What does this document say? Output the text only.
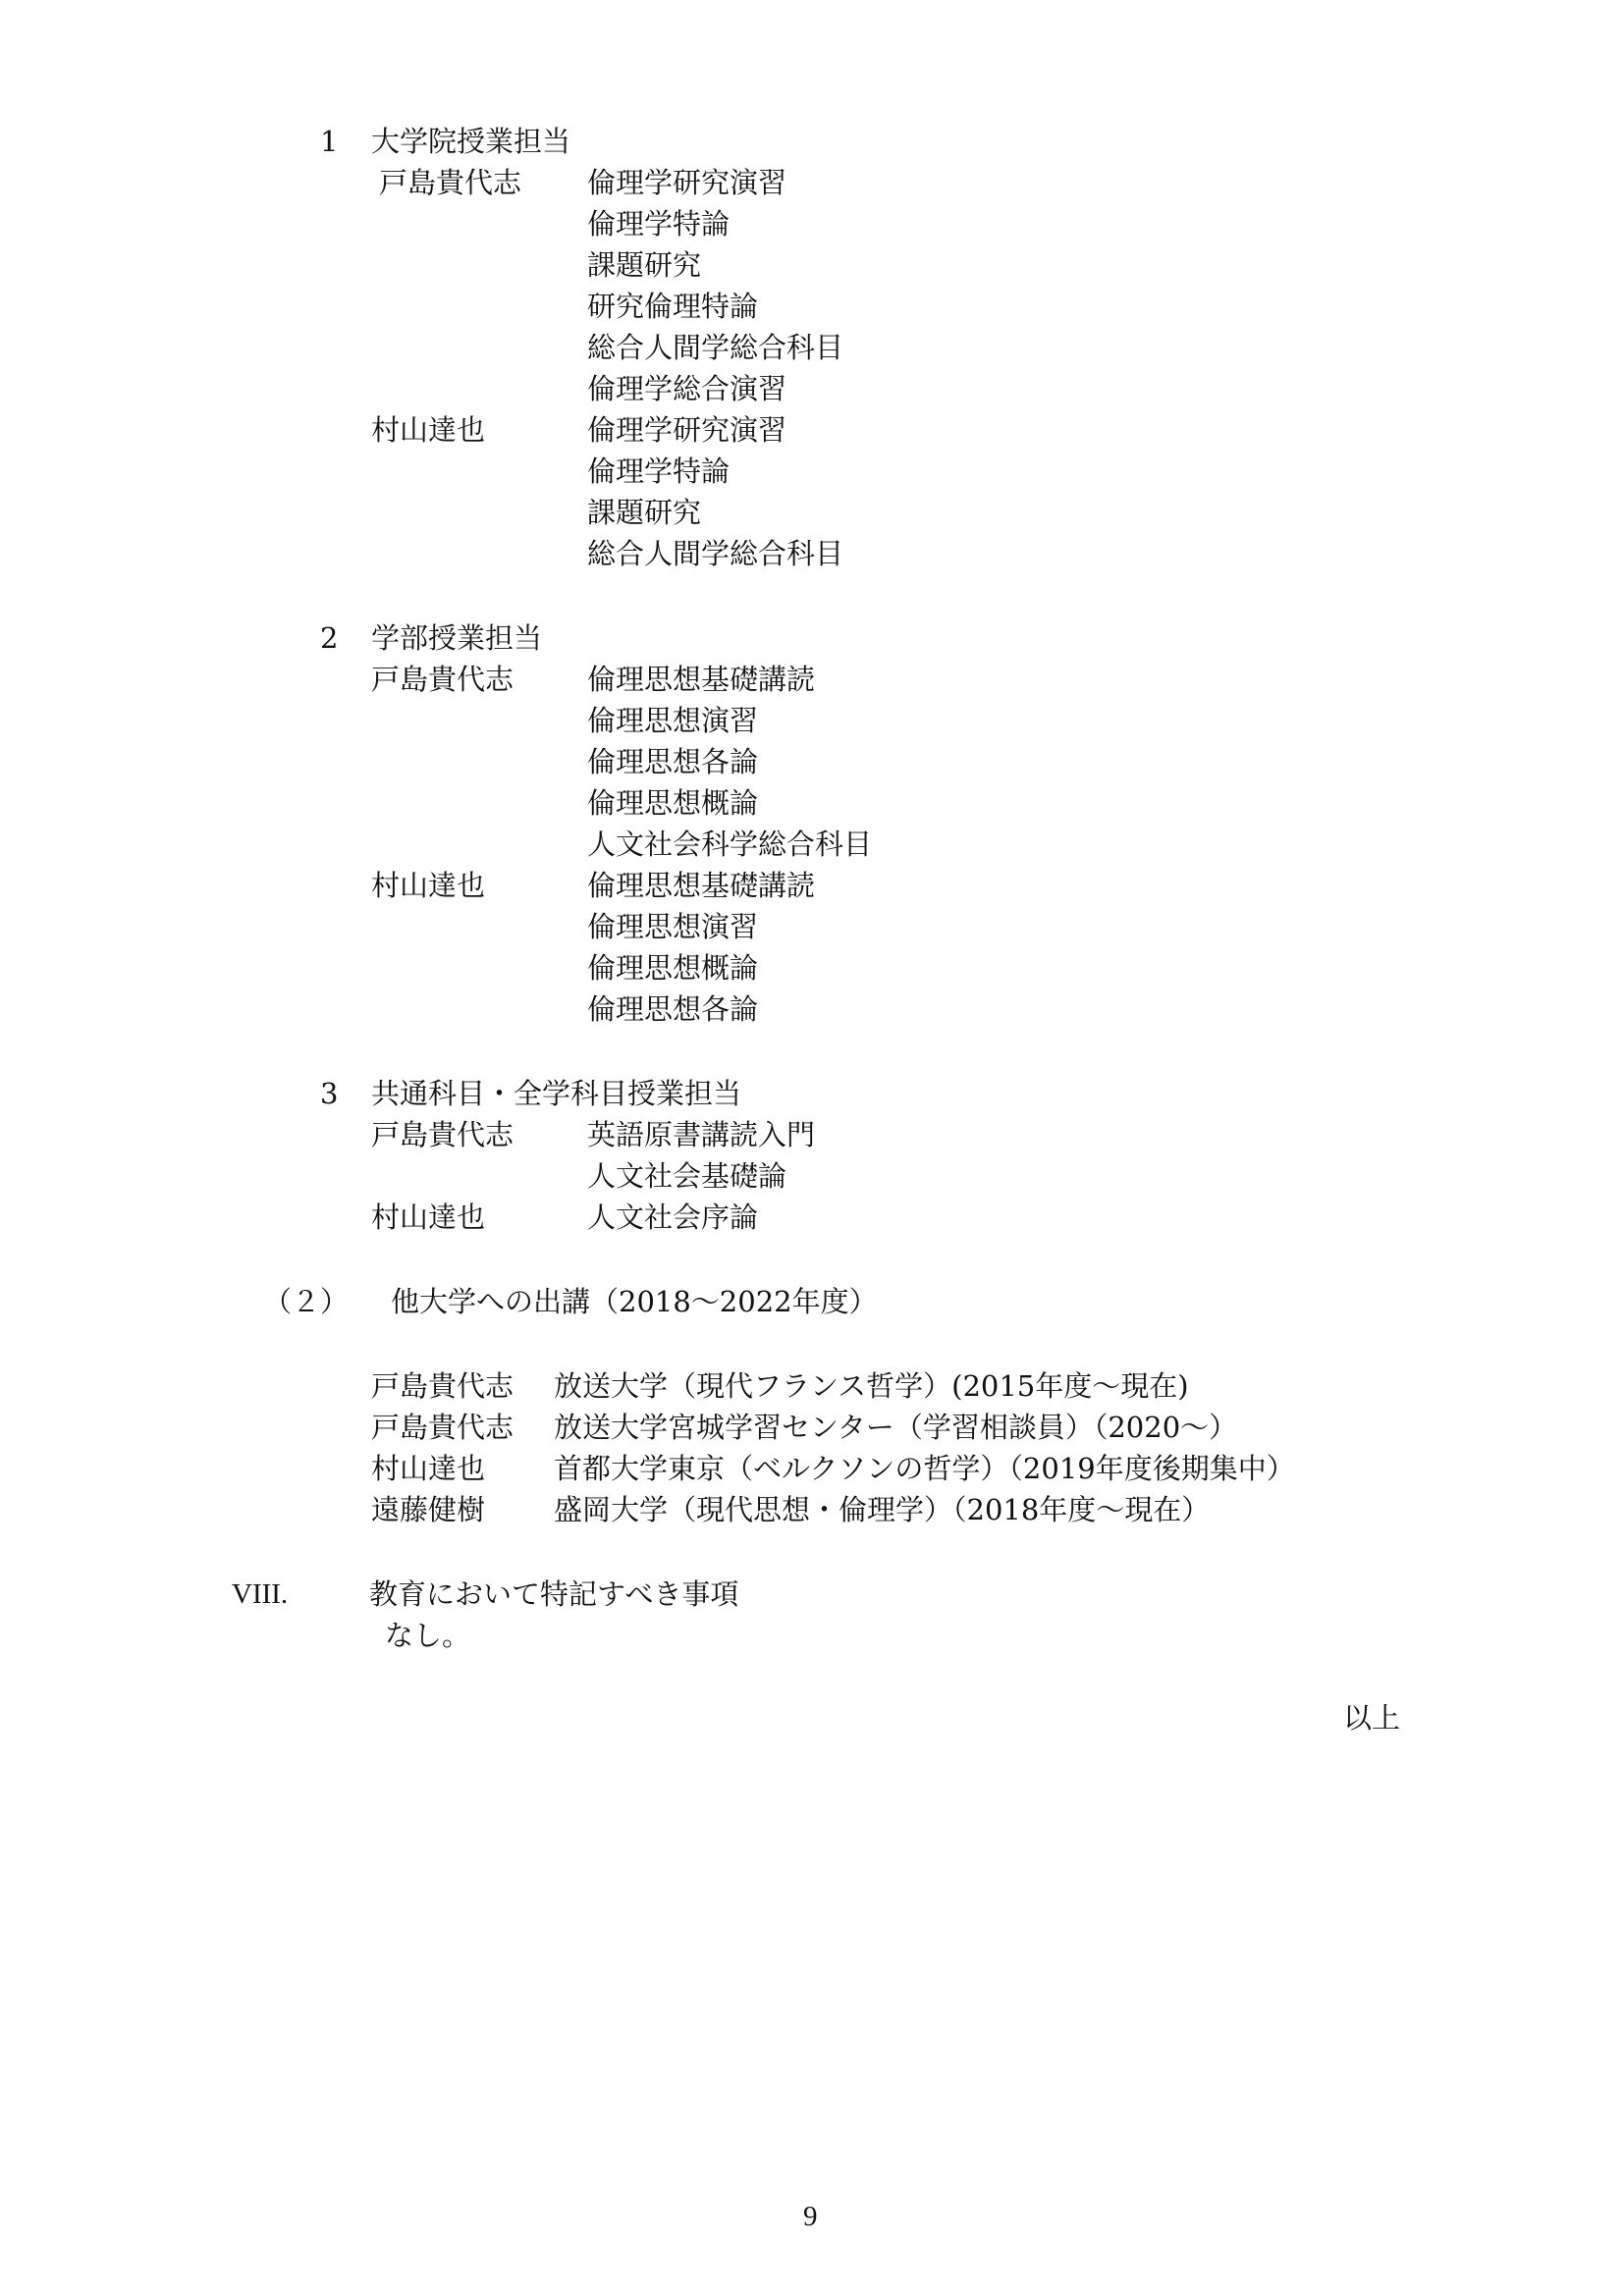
1 大学院授業担当
戸島貴代志 倫理学研究演習
倫理学特論
課題研究
研究倫理特論
総合人間学総合科目
倫理学総合演習
村山達也	倫理学研究演習
倫理学特論
課題研究
総合人間学総合科目
2 学部授業担当
戸島貴代志	倫理思想基礎講読
倫理思想演習
倫理思想各論
倫理思想概論
人文社会科学総合科目
村山達也	倫理思想基礎講読
倫理思想演習
倫理思想概論
倫理思想各論
3 共通科目・全学科目授業担当
戸島貴代志	英語原書講読入門
人文社会基礎論
村山達也	人文社会序論
（２） 他大学への出講（2018～2022年度）
戸島貴代志 放送大学（現代フランス哲学）(2015年度～現在)
戸島貴代志 放送大学宮城学習センター（学習相談員）（2020～）
村山達也 首都大学東京（ベルクソンの哲学）（2019年度後期集中）
遠藤健樹 盛岡大学（現代思想・倫理学）（2018年度～現在）
VIII.	教育において特記すべき事項
なし。
以上
9
